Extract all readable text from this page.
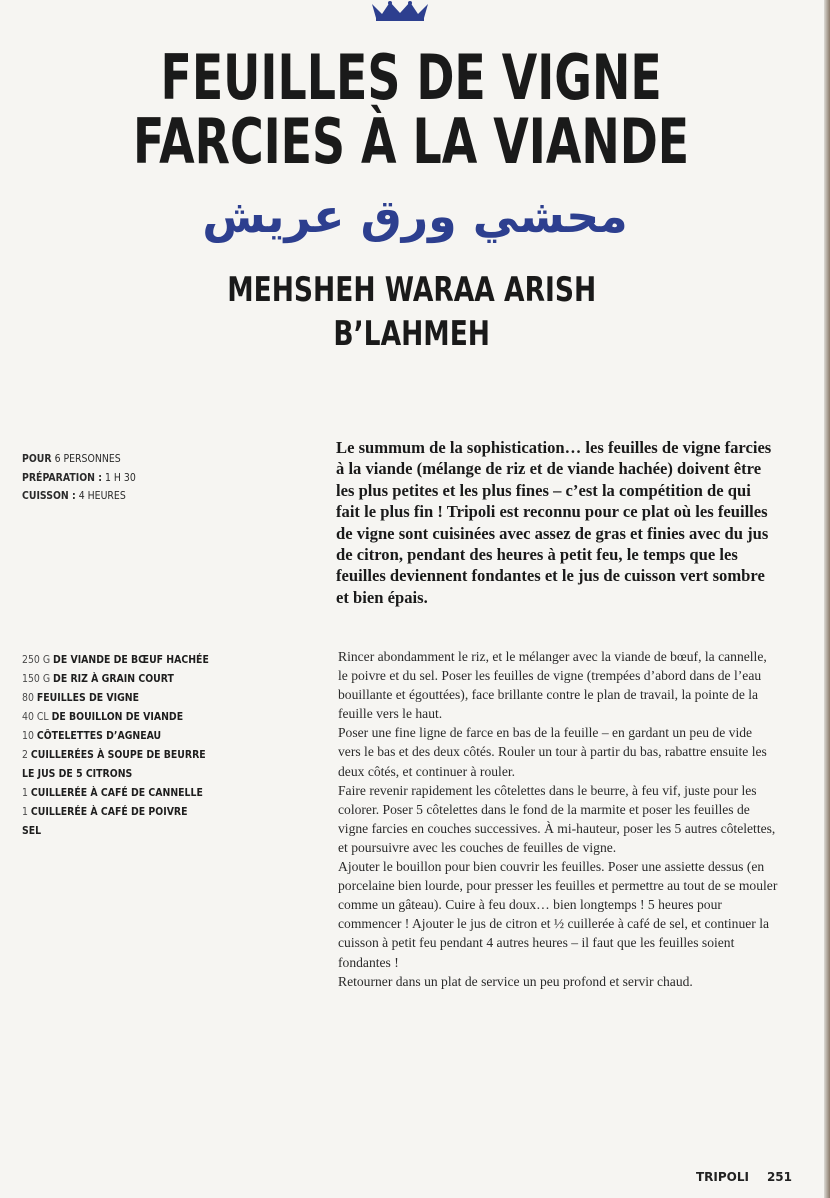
FEUILLES DE VIGNE
FARCIES À LA VIANDE
محشي ورق عريش
MEHSHEH WARAA ARISH
B’LAHMEH
POUR 6 PERSONNES
PRÉPARATION : 1 H 30
CUISSON : 4 HEURES
Le summum de la sophistication… les feuilles de vigne farcies à la viande (mélange de riz et de viande hachée) doivent être les plus petites et les plus fines – c’est la compétition de qui fait le plus fin ! Tripoli est reconnu pour ce plat où les feuilles de vigne sont cuisinées avec assez de gras et finies avec du jus de citron, pendant des heures à petit feu, le temps que les feuilles deviennent fondantes et le jus de cuisson vert sombre et bien épais.
250 G DE VIANDE DE BŒUF HACHÉE
150 G DE RIZ À GRAIN COURT
80 FEUILLES DE VIGNE
40 CL DE BOUILLON DE VIANDE
10 CÔTELETTES D’AGNEAU
2 CUILLERÉES À SOUPE DE BEURRE
LE JUS DE 5 CITRONS
1 CUILLERÉE À CAFÉ DE CANNELLE
1 CUILLERÉE À CAFÉ DE POIVRE
SEL

Rincer abondamment le riz, et le mélanger avec la viande de bœuf, la cannelle, le poivre et du sel. Poser les feuilles de vigne (trempées d’abord dans de l’eau bouillante et égouttées), face brillante contre le plan de travail, la pointe de la feuille vers le haut.

Poser une fine ligne de farce en bas de la feuille – en gardant un peu de vide vers le bas et des deux côtés. Rouler un tour à partir du bas, rabattre ensuite les deux côtés, et continuer à rouler.

Faire revenir rapidement les côtelettes dans le beurre, à feu vif, juste pour les colorer. Poser 5 côtelettes dans le fond de la marmite et poser les feuilles de vigne farcies en couches successives. À mi-hauteur, poser les 5 autres côtelettes, et poursuivre avec les couches de feuilles de vigne.

Ajouter le bouillon pour bien couvrir les feuilles. Poser une assiette dessus (en porcelaine bien lourde, pour presser les feuilles et permettre au tout de se mouler comme un gâteau). Cuire à feu doux… bien longtemps ! 5 heures pour commencer ! Ajouter le jus de citron et ½ cuillerée à café de sel, et continuer la cuisson à petit feu pendant 4 autres heures – il faut que les feuilles soient fondantes !

Retourner dans un plat de service un peu profond et servir chaud.

TRIPOLI 251
